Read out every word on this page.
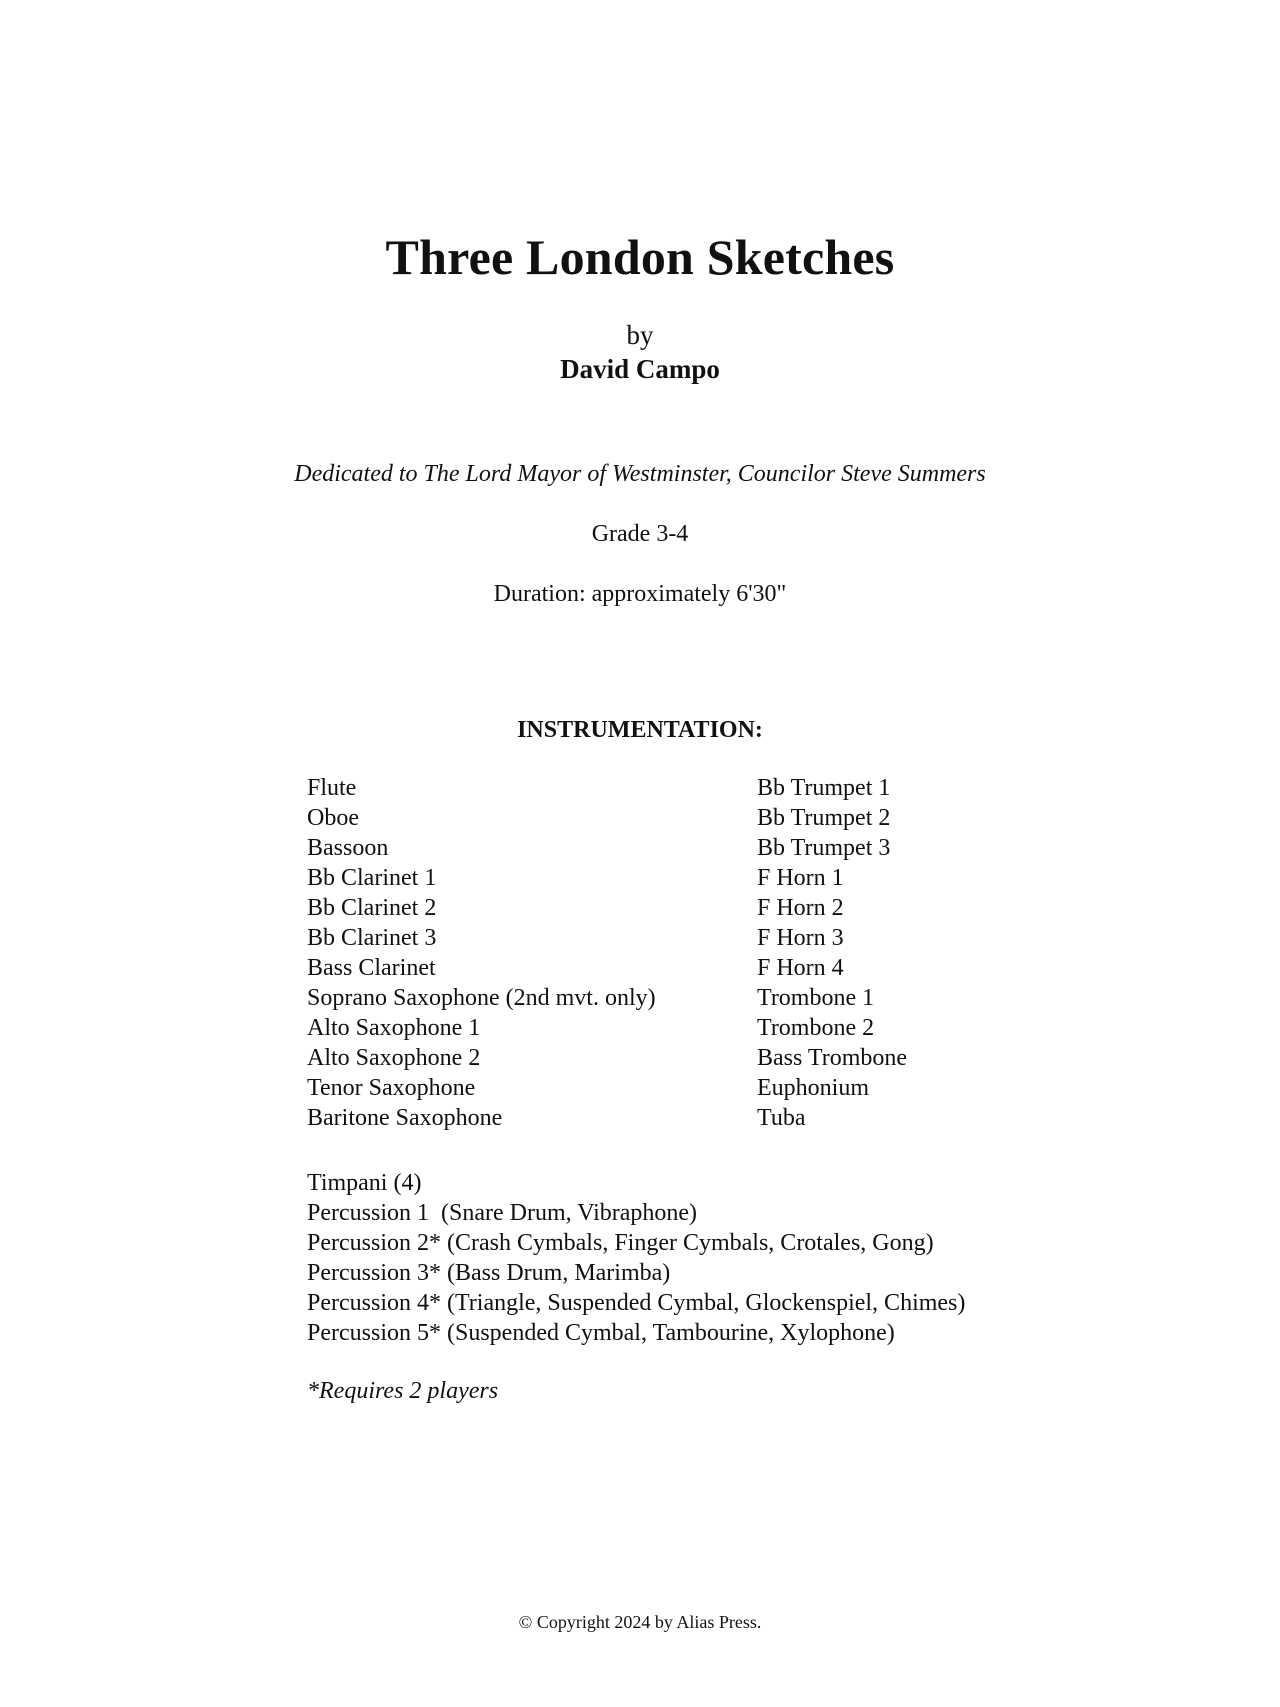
Three London Sketches
by
David Campo
Dedicated to The Lord Mayor of Westminster, Councilor Steve Summers
Grade 3-4
Duration: approximately 6'30"
INSTRUMENTATION:
Flute
Oboe
Bassoon
Bb Clarinet 1
Bb Clarinet 2
Bb Clarinet 3
Bass Clarinet
Soprano Saxophone (2nd mvt. only)
Alto Saxophone 1
Alto Saxophone 2
Tenor Saxophone
Baritone Saxophone
Bb Trumpet 1
Bb Trumpet 2
Bb Trumpet 3
F Horn 1
F Horn 2
F Horn 3
F Horn 4
Trombone 1
Trombone 2
Bass Trombone
Euphonium
Tuba
Timpani (4)
Percussion 1  (Snare Drum, Vibraphone)
Percussion 2* (Crash Cymbals, Finger Cymbals, Crotales, Gong)
Percussion 3* (Bass Drum, Marimba)
Percussion 4* (Triangle, Suspended Cymbal, Glockenspiel, Chimes)
Percussion 5* (Suspended Cymbal, Tambourine, Xylophone)
*Requires 2 players
© Copyright 2024 by Alias Press.
